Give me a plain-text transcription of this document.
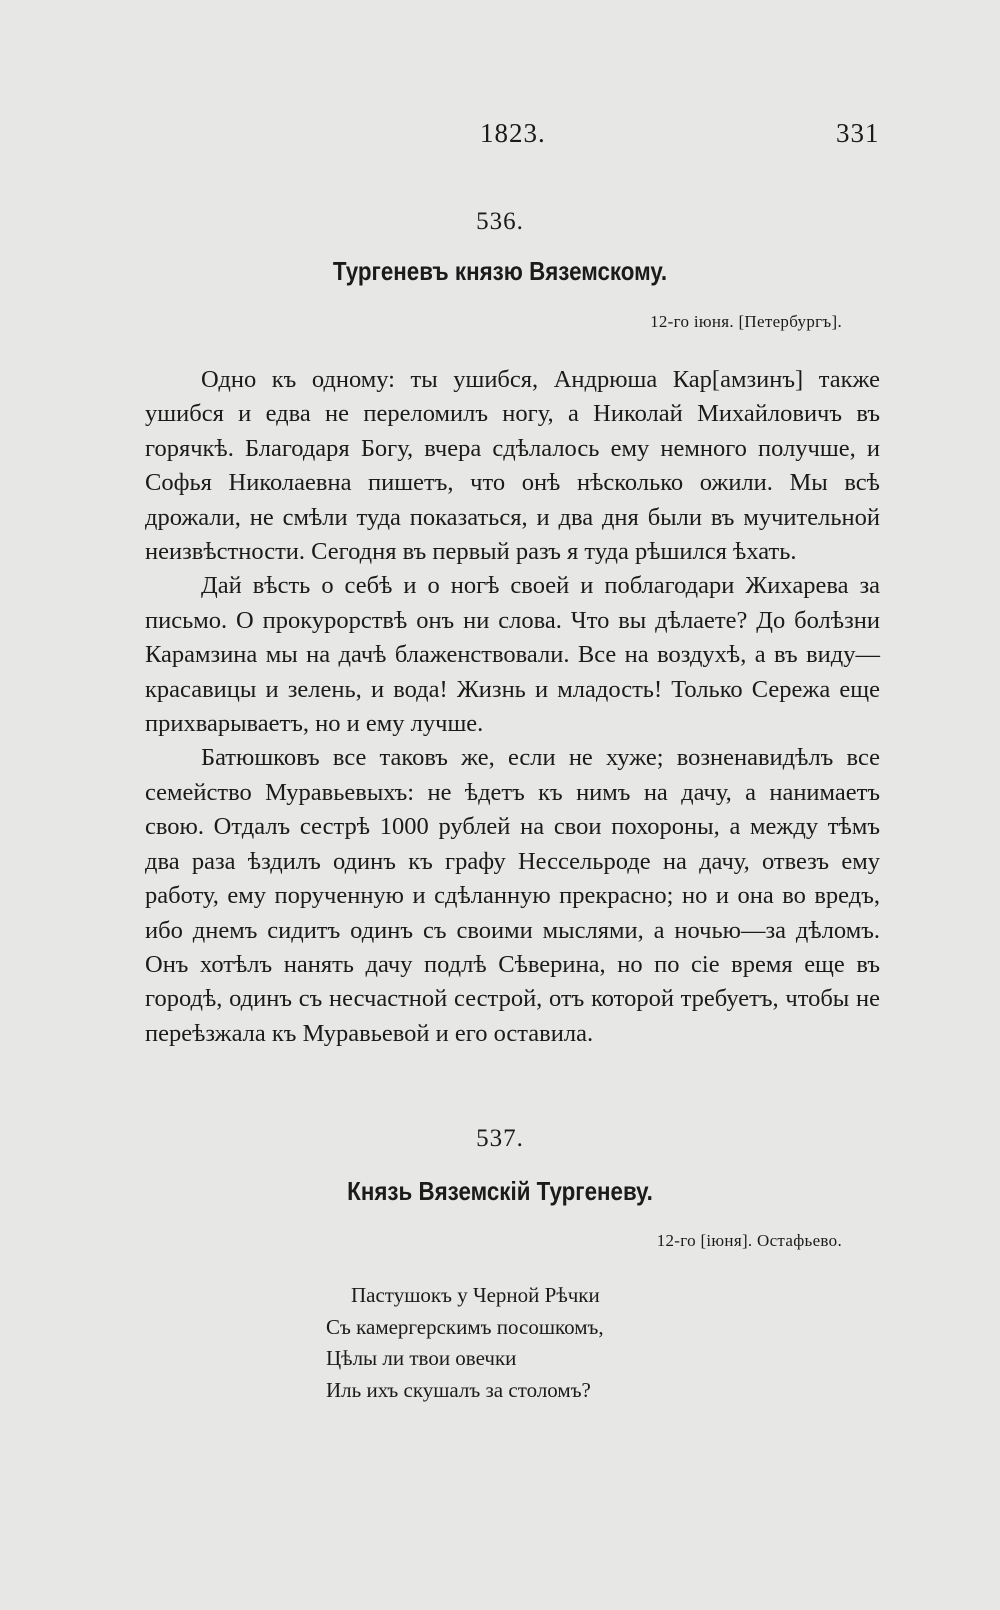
1823.	331
536.
Тургеневъ князю Вяземскому.
12-го іюня. [Петербургъ].

Одно къ одному: ты ушибся, Андрюша Кар[амзинъ] также ушибся и едва не переломилъ ногу, а Николай Михайловичъ въ горячкѣ. Благодаря Богу, вчера сдѣлалось ему немного получше, и Софья Николаевна пишетъ, что онѣ нѣсколько ожили. Мы всѣ дрожали, не смѣли туда показаться, и два дня были въ мучительной неизвѣстности. Сегодня въ первый разъ я туда рѣшился ѣхать.

Дай вѣсть о себѣ и о ногѣ своей и поблагодари Жихарева за письмо. О прокурорствѣ онъ ни слова. Что вы дѣлаете? До болѣзни Карамзина мы на дачѣ блаженствовали. Все на воздухѣ, а въ виду—красавицы и зелень, и вода! Жизнь и младость! Только Сережа еще прихварываетъ, но и ему лучше.

Батюшковъ все таковъ же, если не хуже; возненавидѣлъ все семейство Муравьевыхъ: не ѣдетъ къ нимъ на дачу, а нанимаетъ свою. Отдалъ сестрѣ 1000 рублей на свои похороны, а между тѣмъ два раза ѣздилъ одинъ къ графу Нессельроде на дачу, отвезъ ему работу, ему порученную и сдѣланную прекрасно; но и она во вредъ, ибо днемъ сидитъ одинъ съ своими мыслями, а ночью—за дѣломъ. Онъ хотѣлъ нанять дачу подлѣ Сѣверина, но по сіе время еще въ городѣ, одинъ съ несчастной сестрой, отъ которой требуетъ, чтобы не переѣзжала къ Муравьевой и его оставила.

537.
Князь Вяземскій Тургеневу.
12-го [іюня]. Остафьево.
Пастушокъ у Черной Рѣчки
Съ камергерскимъ посошкомъ,
Цѣлы ли твои овечки
Иль ихъ скушалъ за столомъ?
